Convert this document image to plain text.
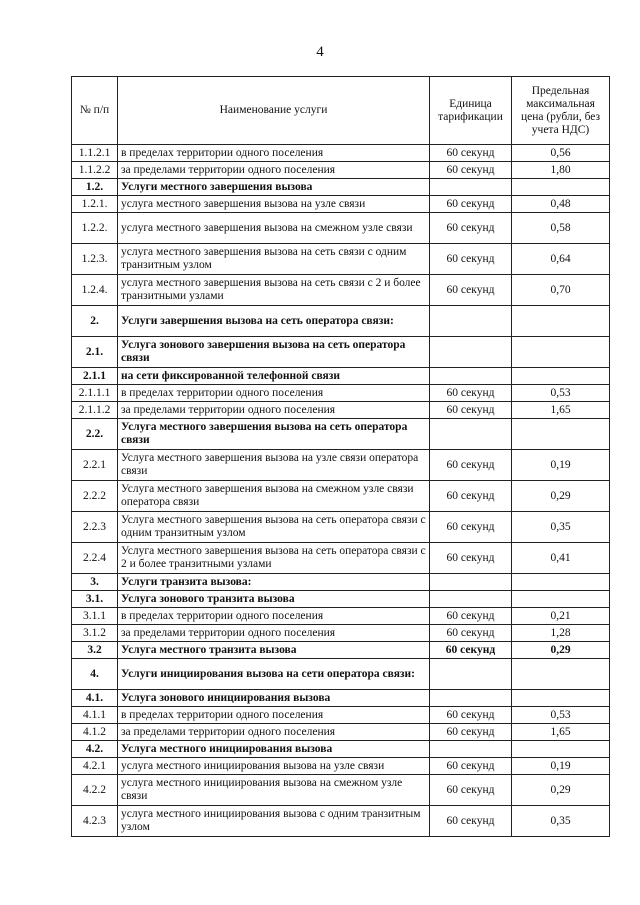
4
№ п/п	Наименование услуги	Единица тарификации	Предельная максимальная цена (рубли, без учета НДС)
1.1.2.1	в пределах территории одного поселения	60 секунд	0,56
1.1.2.2	за пределами территории одного поселения	60 секунд	1,80
1.2.	Услуги местного завершения вызова		
1.2.1.	услуга местного завершения вызова на узле связи	60 секунд	0,48
1.2.2.	услуга местного завершения вызова на смежном узле связи	60 секунд	0,58
1.2.3.	услуга местного завершения вызова на сеть связи с одним транзитным узлом	60 секунд	0,64
1.2.4.	услуга местного завершения вызова на сеть связи с 2 и более транзитными узлами	60 секунд	0,70
2.	Услуги завершения вызова на сеть оператора связи:		
2.1.	Услуга зонового завершения вызова на сеть оператора связи		
2.1.1	на сети фиксированной телефонной связи		
2.1.1.1	в пределах территории одного поселения	60 секунд	0,53
2.1.1.2	за пределами территории одного поселения	60 секунд	1,65
2.2.	Услуга местного завершения вызова на сеть оператора связи		
2.2.1	Услуга местного завершения вызова на узле связи оператора связи	60 секунд	0,19
2.2.2	Услуга местного завершения вызова на смежном узле связи оператора связи	60 секунд	0,29
2.2.3	Услуга местного завершения вызова на сеть оператора связи с одним транзитным узлом	60 секунд	0,35
2.2.4	Услуга местного завершения вызова на сеть оператора связи с 2 и более транзитными узлами	60 секунд	0,41
3.	Услуги транзита вызова:		
3.1.	Услуга зонового транзита вызова		
3.1.1	в пределах территории одного поселения	60 секунд	0,21
3.1.2	за пределами территории одного поселения	60 секунд	1,28
3.2	Услуга местного транзита вызова	60 секунд	0,29
4.	Услуги инициирования вызова на сети оператора связи:		
4.1.	Услуга зонового инициирования вызова		
4.1.1	в пределах территории одного поселения	60 секунд	0,53
4.1.2	за пределами территории одного поселения	60 секунд	1,65
4.2.	Услуга местного инициирования вызова		
4.2.1	услуга местного инициирования вызова на узле связи	60 секунд	0,19
4.2.2	услуга местного инициирования вызова на смежном узле связи	60 секунд	0,29
4.2.3	услуга местного инициирования вызова с одним транзитным узлом	60 секунд	0,35
